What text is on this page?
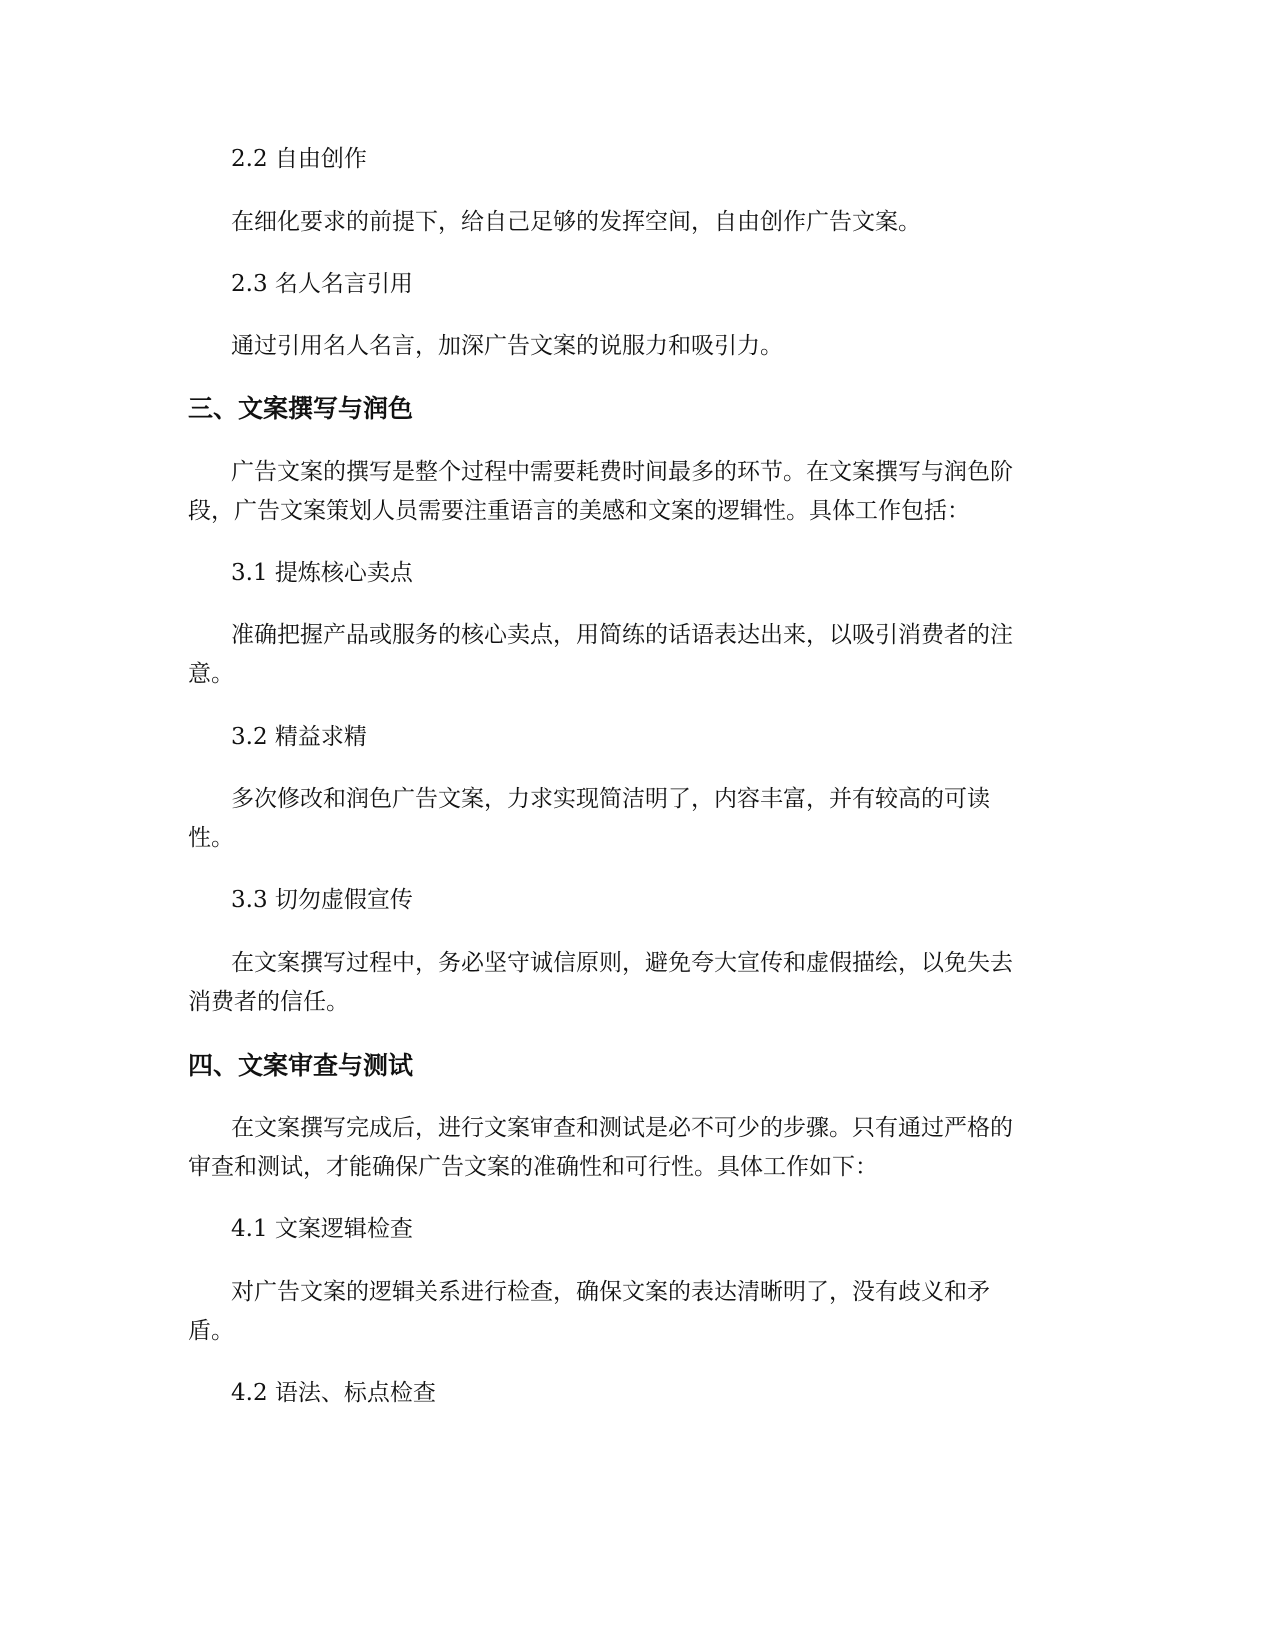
2.2 自由创作

在细化要求的前提下，给自己足够的发挥空间，自由创作广告文案。

2.3 名人名言引用

通过引用名人名言，加深广告文案的说服力和吸引力。

三、文案撰写与润色

广告文案的撰写是整个过程中需要耗费时间最多的环节。在文案撰写与润色阶

段，广告文案策划人员需要注重语言的美感和文案的逻辑性。具体工作包括：

3.1 提炼核心卖点

准确把握产品或服务的核心卖点，用简练的话语表达出来，以吸引消费者的注

意。

3.2 精益求精

多次修改和润色广告文案，力求实现简洁明了，内容丰富，并有较高的可读

性。

3.3 切勿虚假宣传

在文案撰写过程中，务必坚守诚信原则，避免夸大宣传和虚假描绘，以免失去

消费者的信任。

四、文案审查与测试

在文案撰写完成后，进行文案审查和测试是必不可少的步骤。只有通过严格的

审查和测试，才能确保广告文案的准确性和可行性。具体工作如下：

4.1 文案逻辑检查

对广告文案的逻辑关系进行检查，确保文案的表达清晰明了，没有歧义和矛

盾。

4.2 语法、标点检查
